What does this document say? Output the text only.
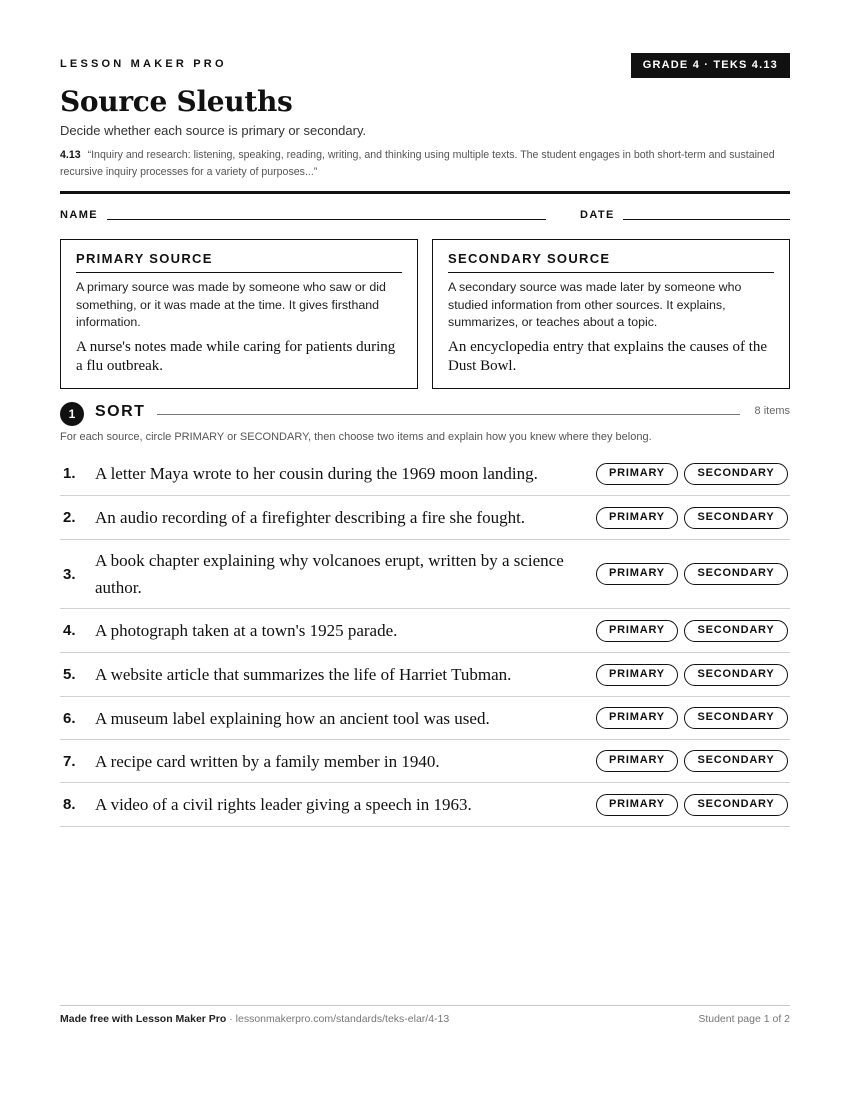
LESSON MAKER PRO	GRADE 4 · TEKS 4.13
Source Sleuths
Decide whether each source is primary or secondary.
4.13 “Inquiry and research: listening, speaking, reading, writing, and thinking using multiple texts. The student engages in both short-term and sustained recursive inquiry processes for a variety of purposes...”
NAME	DATE
PRIMARY SOURCE

A primary source was made by someone who saw or did something, or it was made at the time. It gives firsthand information.

A nurse's notes made while caring for patients during a flu outbreak.

SECONDARY SOURCE

A secondary source was made later by someone who studied information from other sources. It explains, summarizes, or teaches about a topic.

An encyclopedia entry that explains the causes of the Dust Bowl.

1	SORT	8 items
For each source, circle PRIMARY or SECONDARY, then choose two items and explain how you knew where they belong.
1. A letter Maya wrote to her cousin during the 1969 moon landing.	PRIMARY	SECONDARY
2. An audio recording of a firefighter describing a fire she fought.	PRIMARY	SECONDARY
3.
A book chapter explaining why volcanoes erupt, written by a science author.
PRIMARY	SECONDARY
4. A photograph taken at a town's 1925 parade.	PRIMARY	SECONDARY
5. A website article that summarizes the life of Harriet Tubman.	PRIMARY	SECONDARY
6. A museum label explaining how an ancient tool was used.	PRIMARY	SECONDARY
7. A recipe card written by a family member in 1940.	PRIMARY	SECONDARY
8. A video of a civil rights leader giving a speech in 1963.	PRIMARY	SECONDARY
Made free with Lesson Maker Pro · lessonmakerpro.com/standards/teks-elar/4-13	Student page 1 of 2
